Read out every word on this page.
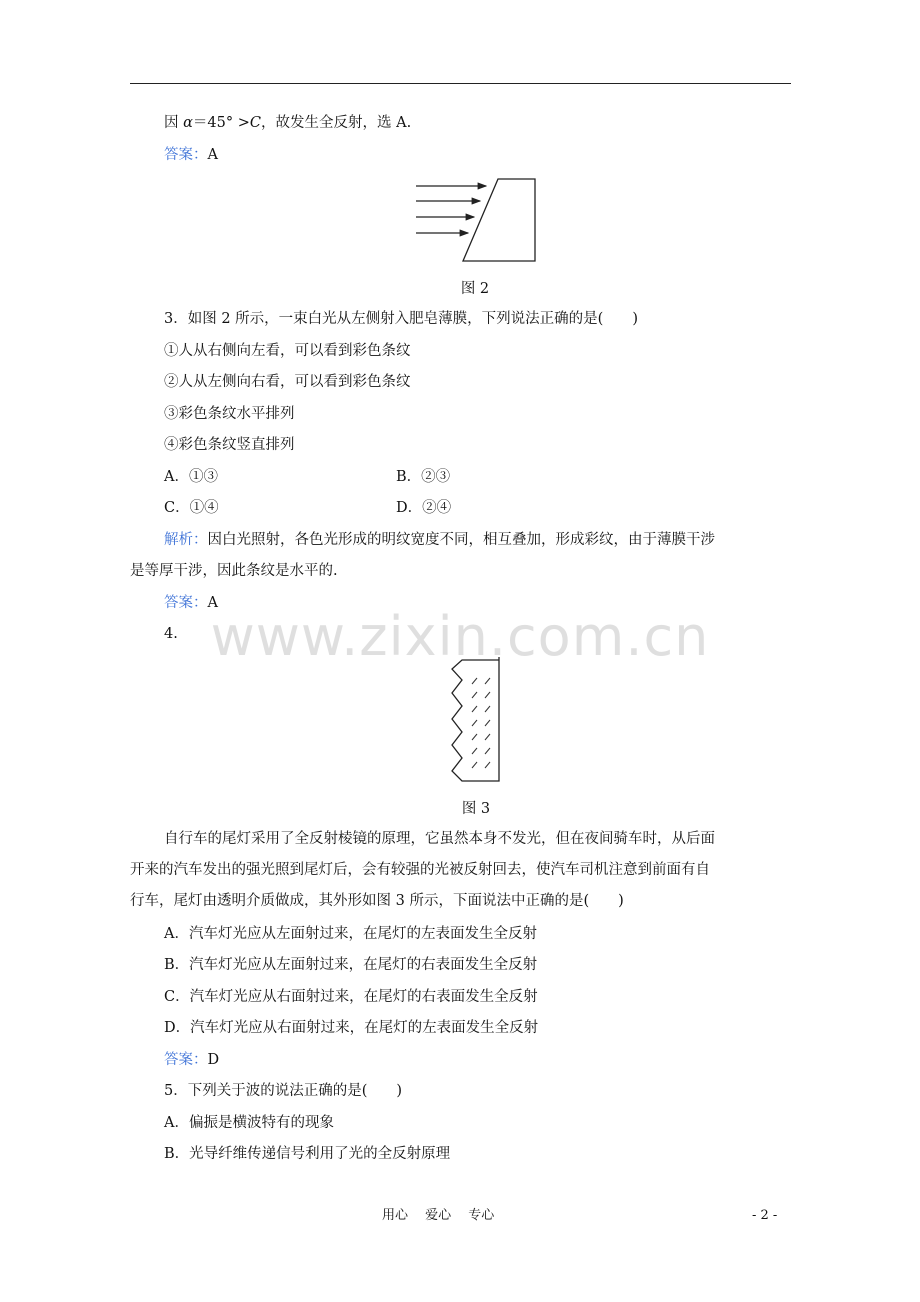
因 α＝45° >C，故发生全反射，选 A.
答案：A
图 2
3．如图 2 所示，一束白光从左侧射入肥皂薄膜，下列说法正确的是(　　)
①人从右侧向左看，可以看到彩色条纹
②人从左侧向右看，可以看到彩色条纹
③彩色条纹水平排列
④彩色条纹竖直排列
A．①③	B．②③
C．①④	D．②④
解析：因白光照射，各色光形成的明纹宽度不同，相互叠加，形成彩纹，由于薄膜干涉
是等厚干涉，因此条纹是水平的.
答案：A
4.
图 3
自行车的尾灯采用了全反射棱镜的原理，它虽然本身不发光，但在夜间骑车时，从后面
开来的汽车发出的强光照到尾灯后，会有较强的光被反射回去，使汽车司机注意到前面有自
行车，尾灯由透明介质做成，其外形如图 3 所示，下面说法中正确的是(　　)
A．汽车灯光应从左面射过来，在尾灯的左表面发生全反射
B．汽车灯光应从左面射过来，在尾灯的右表面发生全反射
C．汽车灯光应从右面射过来，在尾灯的右表面发生全反射
D．汽车灯光应从右面射过来，在尾灯的左表面发生全反射
答案：D
5．下列关于波的说法正确的是(　　)
A．偏振是横波特有的现象
B．光导纤维传递信号利用了光的全反射原理
www.zixin.com.cn
用心　 爱心　 专心	- 2 -
